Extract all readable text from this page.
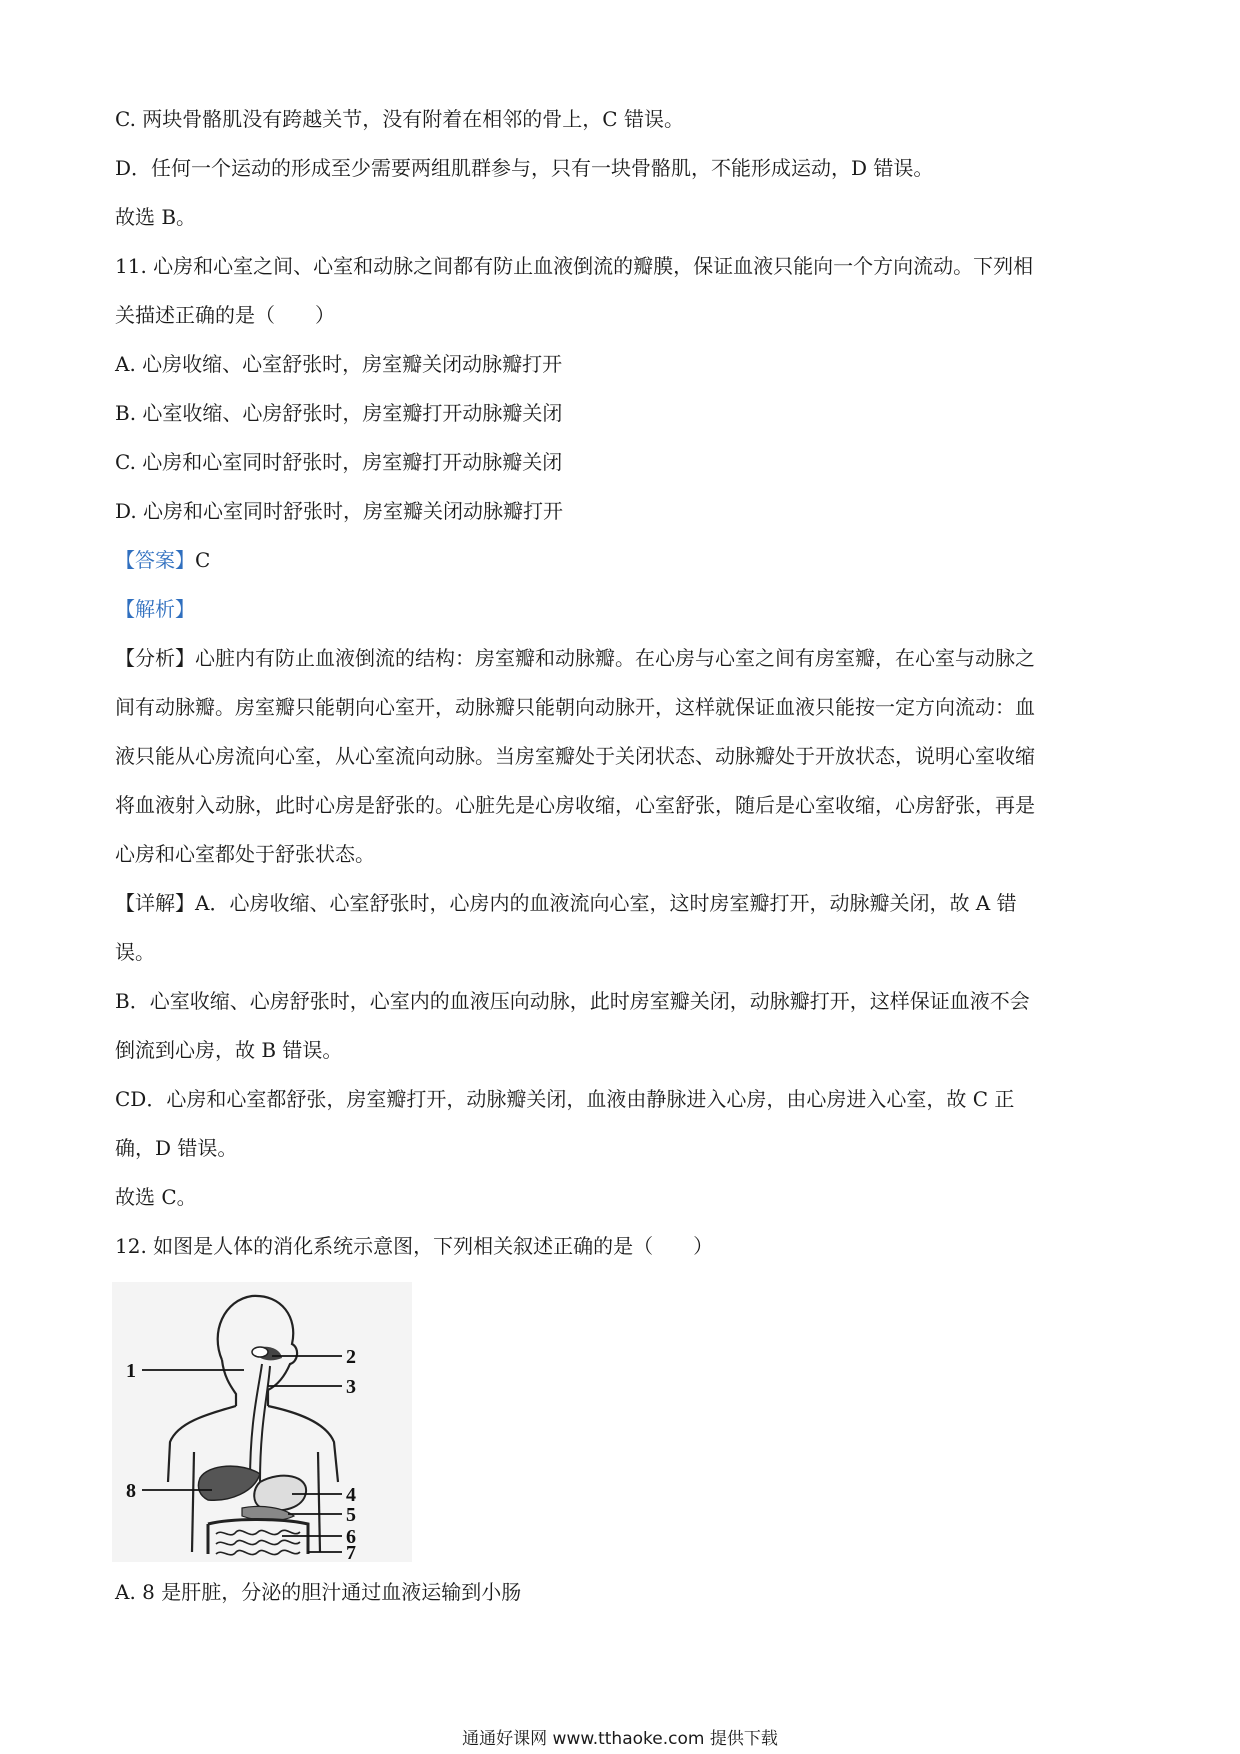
C. 两块骨骼肌没有跨越关节，没有附着在相邻的骨上，C 错误。
D．任何一个运动的形成至少需要两组肌群参与，只有一块骨骼肌，不能形成运动，D 错误。
故选 B。
11. 心房和心室之间、心室和动脉之间都有防止血液倒流的瓣膜，保证血液只能向一个方向流动。下列相
关描述正确的是（　　）
A. 心房收缩、心室舒张时，房室瓣关闭动脉瓣打开
B. 心室收缩、心房舒张时，房室瓣打开动脉瓣关闭
C. 心房和心室同时舒张时，房室瓣打开动脉瓣关闭
D. 心房和心室同时舒张时，房室瓣关闭动脉瓣打开
【答案】C
【解析】
【分析】心脏内有防止血液倒流的结构：房室瓣和动脉瓣。在心房与心室之间有房室瓣，在心室与动脉之
间有动脉瓣。房室瓣只能朝向心室开，动脉瓣只能朝向动脉开，这样就保证血液只能按一定方向流动：血
液只能从心房流向心室，从心室流向动脉。当房室瓣处于关闭状态、动脉瓣处于开放状态，说明心室收缩
将血液射入动脉，此时心房是舒张的。心脏先是心房收缩，心室舒张，随后是心室收缩，心房舒张，再是
心房和心室都处于舒张状态。
【详解】A．心房收缩、心室舒张时，心房内的血液流向心室，这时房室瓣打开，动脉瓣关闭，故 A 错
误。
B．心室收缩、心房舒张时，心室内的血液压向动脉，此时房室瓣关闭，动脉瓣打开，这样保证血液不会
倒流到心房，故 B 错误。
CD．心房和心室都舒张，房室瓣打开，动脉瓣关闭，血液由静脉进入心房，由心房进入心室，故 C 正
确，D 错误。
故选 C。
12. 如图是人体的消化系统示意图，下列相关叙述正确的是（　　）
1
2
3
4
5
6
7
8
A. 8 是肝脏，分泌的胆汁通过血液运输到小肠
通通好课网 www.tthaoke.com 提供下载
